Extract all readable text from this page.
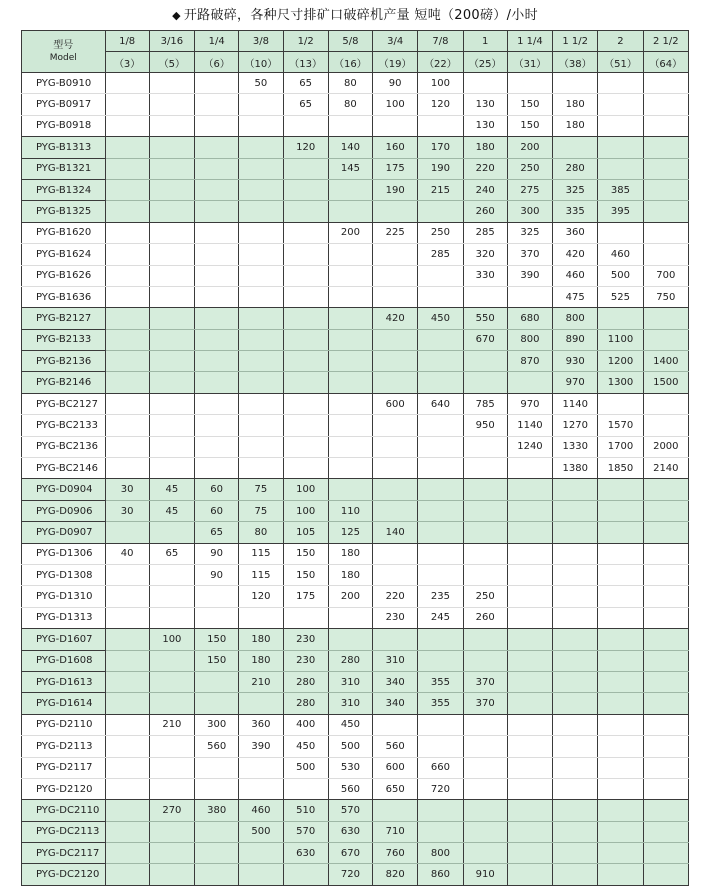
◆ 开路破碎，各种尺寸排矿口破碎机产量 短吨（200磅）/小时
型号
Model	1/8	3/16	1/4	3/8	1/2	5/8	3/4	7/8	1	1 1/4	1 1/2	2	2 1/2
	（3）	（5）	（6）	（10）	（13）	（16）	（19）	（22）	（25）	（31）	（38）	（51）	（64）
PYG-B0910				50	65	80	90	100					
PYG-B0917					65	80	100	120	130	150	180		
PYG-B0918									130	150	180		
PYG-B1313					120	140	160	170	180	200			
PYG-B1321						145	175	190	220	250	280		
PYG-B1324							190	215	240	275	325	385	
PYG-B1325									260	300	335	395	
PYG-B1620						200	225	250	285	325	360		
PYG-B1624								285	320	370	420	460	
PYG-B1626									330	390	460	500	700
PYG-B1636											475	525	750
PYG-B2127							420	450	550	680	800		
PYG-B2133									670	800	890	1100	
PYG-B2136										870	930	1200	1400
PYG-B2146											970	1300	1500
PYG-BC2127							600	640	785	970	1140		
PYG-BC2133									950	1140	1270	1570	
PYG-BC2136										1240	1330	1700	2000
PYG-BC2146											1380	1850	2140
PYG-D0904	30	45	60	75	100								
PYG-D0906	30	45	60	75	100	110							
PYG-D0907			65	80	105	125	140						
PYG-D1306	40	65	90	115	150	180							
PYG-D1308			90	115	150	180							
PYG-D1310				120	175	200	220	235	250				
PYG-D1313							230	245	260				
PYG-D1607		100	150	180	230								
PYG-D1608			150	180	230	280	310						
PYG-D1613				210	280	310	340	355	370				
PYG-D1614					280	310	340	355	370				
PYG-D2110		210	300	360	400	450							
PYG-D2113			560	390	450	500	560						
PYG-D2117					500	530	600	660					
PYG-D2120						560	650	720					
PYG-DC2110		270	380	460	510	570							
PYG-DC2113				500	570	630	710						
PYG-DC2117					630	670	760	800					
PYG-DC2120						720	820	860	910				
